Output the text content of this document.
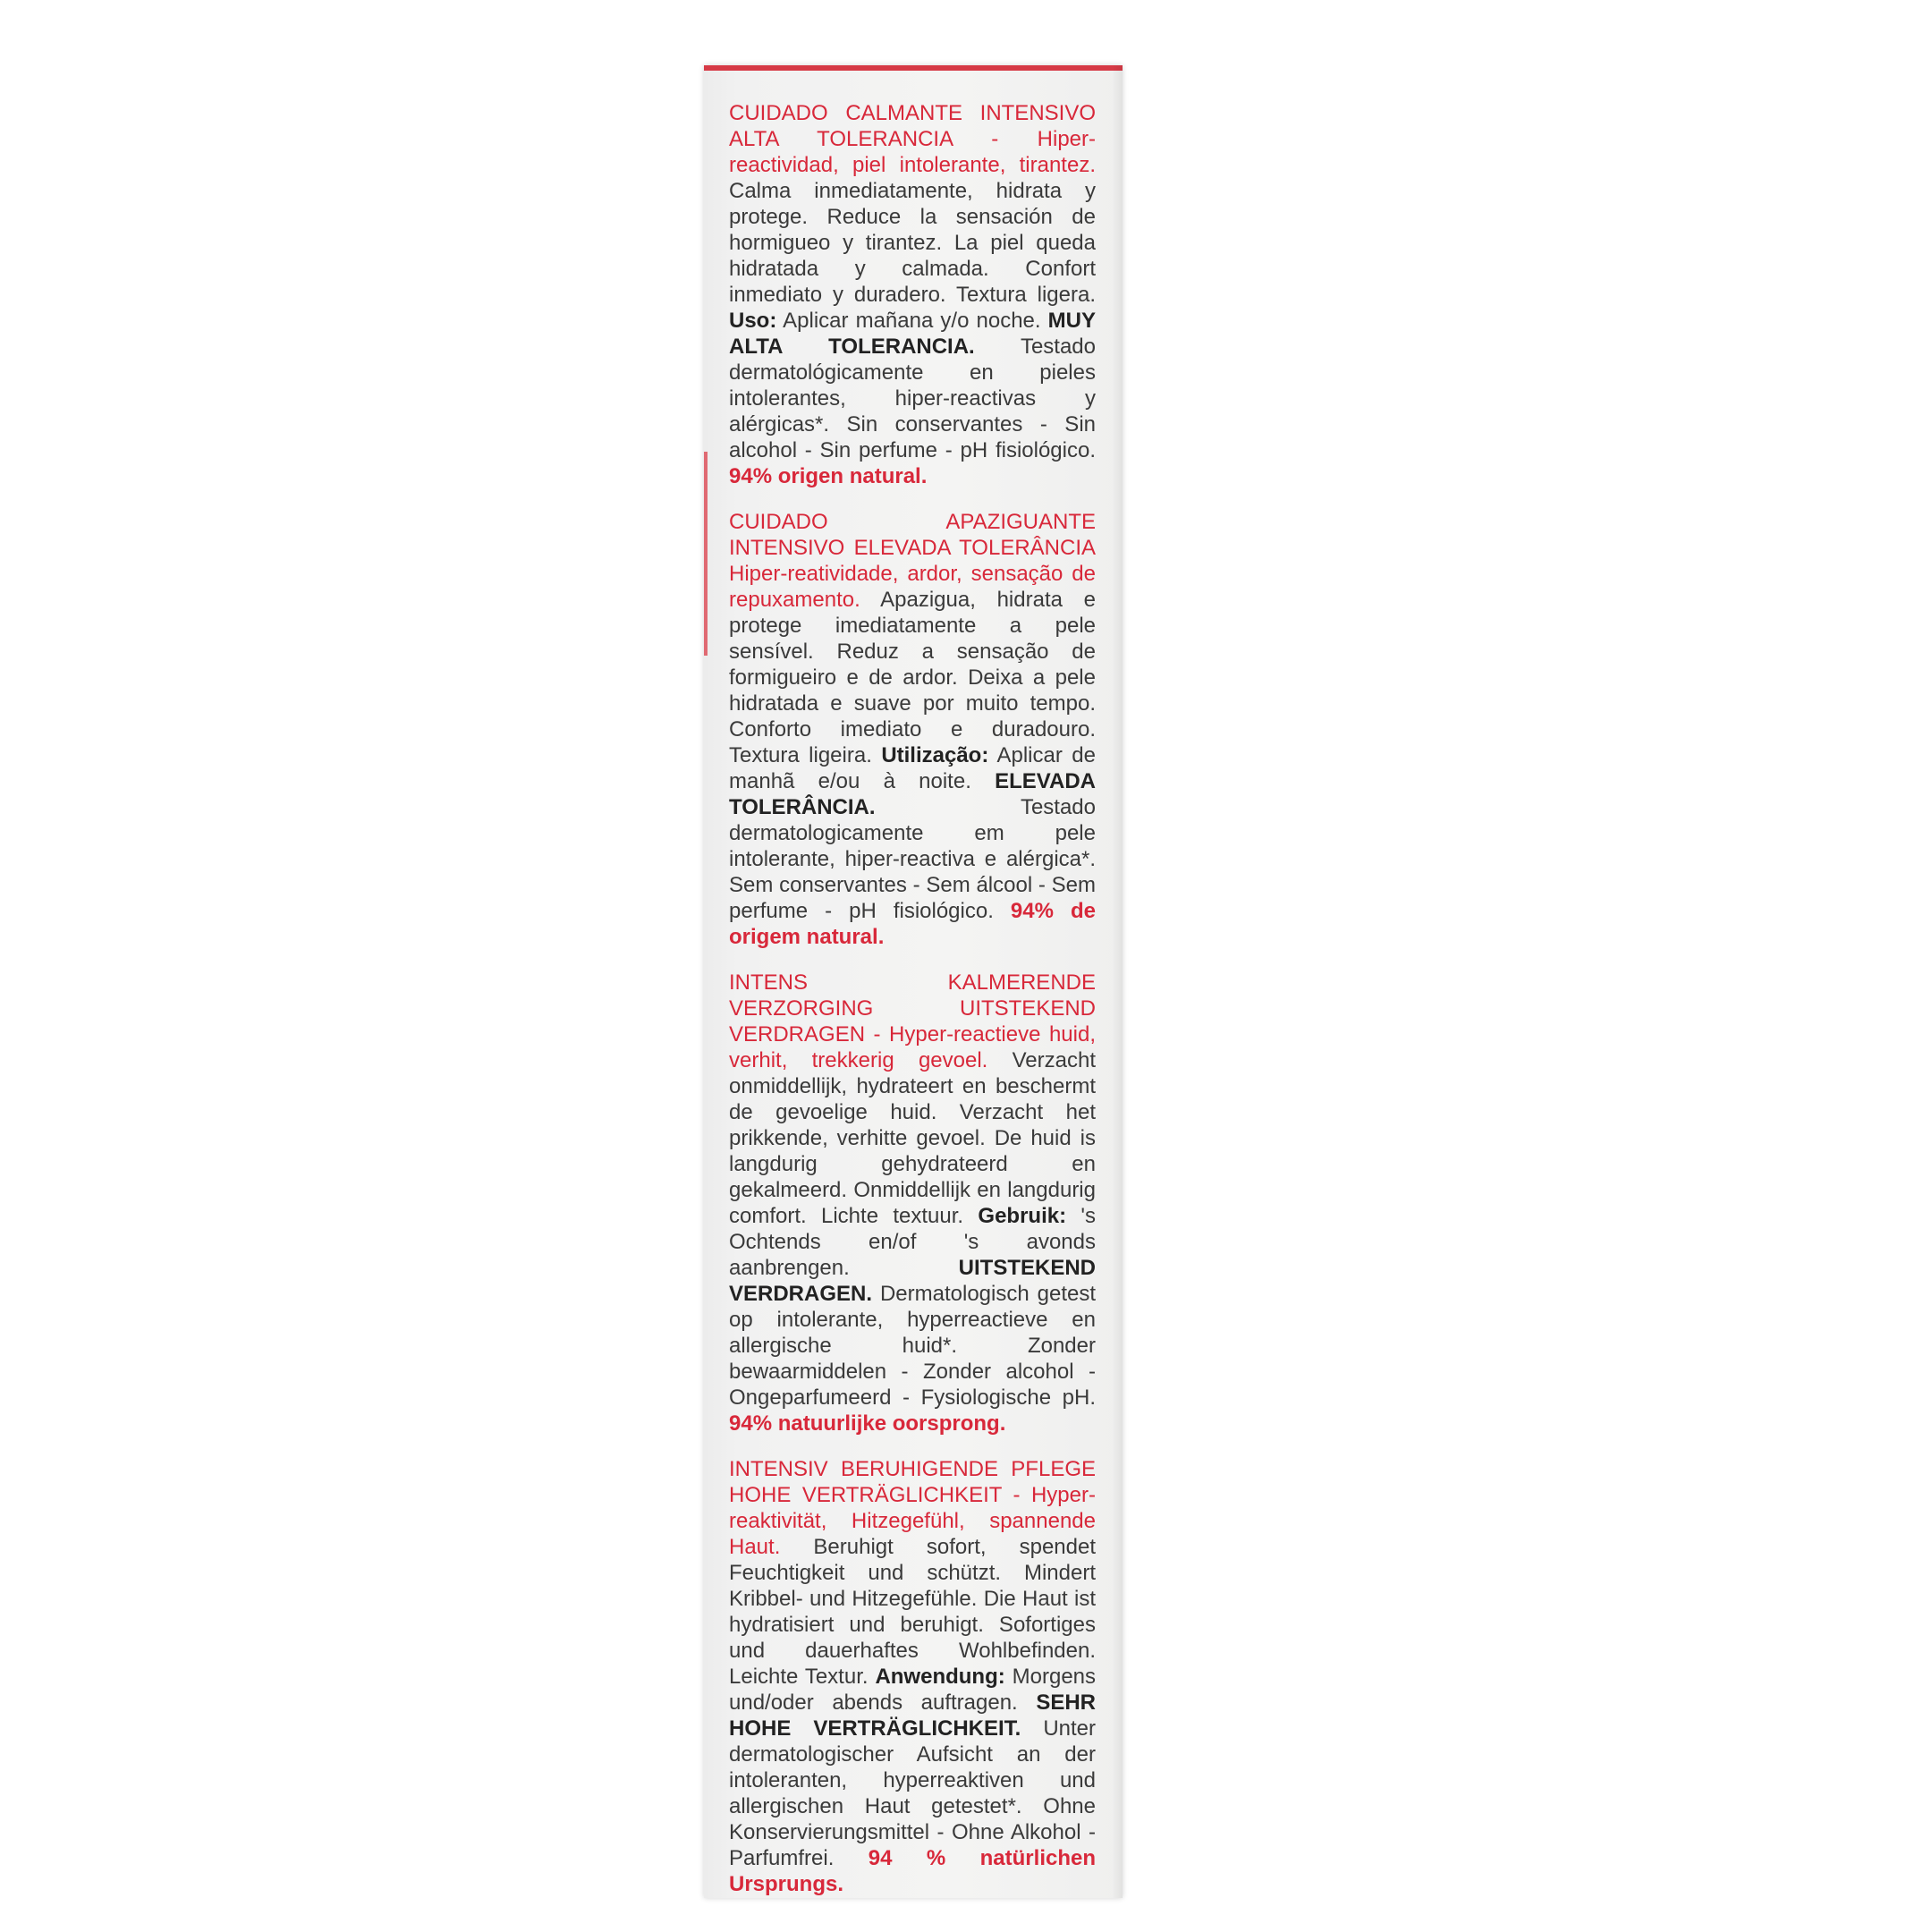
CUIDADO CALMANTE INTENSIVO ALTA TOLERANCIA - Hiper-reactividad, piel intolerante, tirantez. Calma inmediatamente, hidrata y protege. Reduce la sensación de hormigueo y tirantez. La piel queda hidratada y calmada. Confort inmediato y duradero. Textura ligera. Uso: Aplicar mañana y/o noche. MUY ALTA TOLERANCIA. Testado dermatológicamente en pieles intolerantes, hiper-reactivas y alérgicas*. Sin conservantes - Sin alcohol - Sin perfume - pH fisiológico. 94% origen natural.
CUIDADO APAZIGUANTE INTENSIVO ELEVADA TOLERÂNCIA Hiper-reatividade, ardor, sensação de repuxamento. Apazigua, hidrata e protege imediatamente a pele sensível. Reduz a sensação de formigueiro e de ardor. Deixa a pele hidratada e suave por muito tempo. Conforto imediato e duradouro. Textura ligeira. Utilização: Aplicar de manhã e/ou à noite. ELEVADA TOLERÂNCIA.	Testado dermatologicamente em pele intolerante, hiper-reactiva e alérgica*. Sem conservantes - Sem álcool - Sem perfume - pH fisiológico. 94% de origem natural.
INTENS KALMERENDE VERZORGING UITSTEKEND VERDRAGEN - Hyper-reactieve huid, verhit, trekkerig gevoel. Verzacht onmiddellijk, hydrateert en beschermt de gevoelige huid. Verzacht het prikkende, verhitte gevoel. De huid is langdurig gehydrateerd en gekalmeerd. Onmiddellijk en langdurig comfort. Lichte textuur. Gebruik: 's Ochtends en/of 's avonds aanbrengen.	UITSTEKEND VERDRAGEN. Dermatologisch getest op intolerante, hyperreactieve en allergische huid*. Zonder bewaarmiddelen - Zonder alcohol - Ongeparfumeerd - Fysiologische pH. 94% natuurlijke oorsprong.
INTENSIV BERUHIGENDE PFLEGE HOHE VERTRÄGLICHKEIT - Hyper-reaktivität, Hitzegefühl, spannende Haut. Beruhigt sofort, spendet Feuchtigkeit und schützt. Mindert Kribbel- und Hitzegefühle. Die Haut ist hydratisiert und beruhigt. Sofortiges und dauerhaftes Wohlbefinden. Leichte Textur. Anwendung: Morgens und/oder abends auftragen. SEHR HOHE VERTRÄGLICHKEIT. Unter dermatologischer Aufsicht an der intoleranten, hyperreaktiven und allergischen Haut getestet*. Ohne Konservierungsmittel - Ohne Alkohol - Parfumfrei. 94 % natürlichen Ursprungs.
